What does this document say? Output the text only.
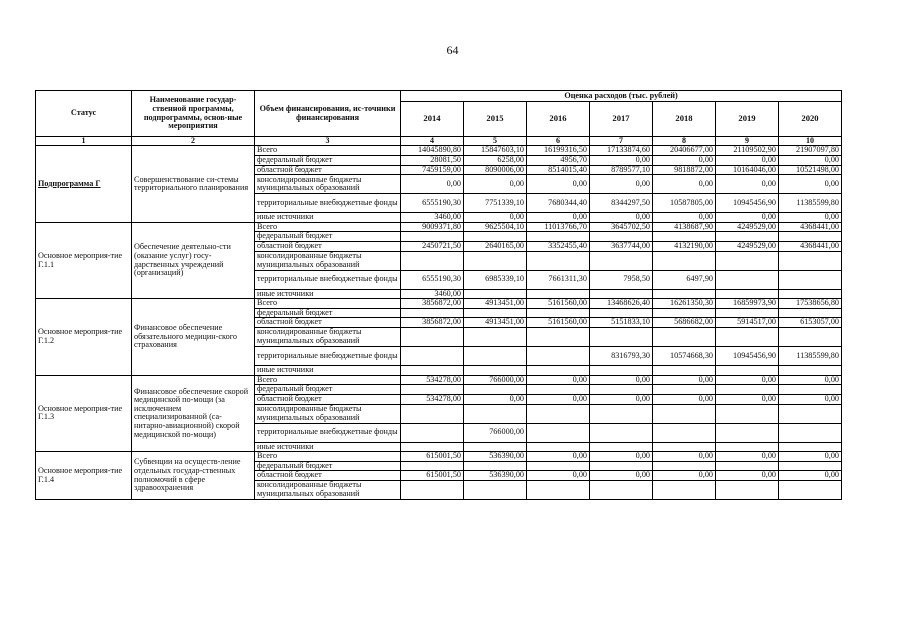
64
Статус	Наименование государ-ственной программы, подпрограммы, основ-ные мероприятия	Объем финансирования, ис-точники финансирования	Оценка расходов (тыс. рублей)						
			2014	2015	2016	2017	2018	2019	2020
1	2	3	4	5	6	7	8	9	10
Подпрограмма Г	Совершенствование си-стемы территориального планирования	Всего	14045890,80	15847603,10	16199316,50	17133874,60	20406677,00	21109502,90	21907097,80
		федеральный бюджет	28081,50	6258,00	4956,70	0,00	0,00	0,00	0,00
		областной бюджет	7459159,00	8090006,00	8514015,40	8789577,10	9818872,00	10164046,00	10521498,00
		консолидированные бюджеты муниципальных образований	0,00	0,00	0,00	0,00	0,00	0,00	0,00
		территориальные внебюджетные фонды	6555190,30	7751339,10	7680344,40	8344297,50	10587805,00	10945456,90	11385599,80
		иные источники	3460,00	0,00	0,00	0,00	0,00	0,00	0,00
Основное мероприя-тие Г.1.1	Обеспечение деятельно-сти (оказание услуг) госу-дарственных учреждений (организаций)	Всего	9009371,80	9625504,10	11013766,70	3645702,50	4138687,90	4249529,00	4368441,00
		федеральный бюджет							
		областной бюджет	2450721,50	2640165,00	3352455,40	3637744,00	4132190,00	4249529,00	4368441,00
		консолидированные бюджеты муниципальных образований							
		территориальные внебюджетные фонды	6555190,30	6985339,10	7661311,30	7958,50	6497,90		
		иные источники	3460,00						
Основное мероприя-тие Г.1.2	Финансовое обеспечение обязательного медицин-ского страхования	Всего	3856872,00	4913451,00	5161560,00	13468626,40	16261350,30	16859973,90	17538656,80
		федеральный бюджет							
		областной бюджет	3856872,00	4913451,00	5161560,00	5151833,10	5686682,00	5914517,00	6153057,00
		консолидированные бюджеты муниципальных образований							
		территориальные внебюджетные фонды				8316793,30	10574668,30	10945456,90	11385599,80
		иные источники							
Основное мероприя-тие Г.1.3	Финансовое обеспечение скорой медицинской по-мощи (за исключением специализированной (са-нитарно-авиационной) скорой медицинской по-мощи)	Всего	534278,00	766000,00	0,00	0,00	0,00	0,00	0,00
		федеральный бюджет							
		областной бюджет	534278,00	0,00	0,00	0,00	0,00	0,00	0,00
		консолидированные бюджеты муниципальных образований							
		территориальные внебюджетные фонды		766000,00					
		иные источники							
Основное мероприя-тие Г.1.4	Субвенции на осуществ-ление отдельных государ-ственных полномочий в сфере здравоохранения	Всего	615001,50	536390,00	0,00	0,00	0,00	0,00	0,00
		федеральный бюджет							
		областной бюджет	615001,50	536390,00	0,00	0,00	0,00	0,00	0,00
		консолидированные бюджеты муниципальных образований							
